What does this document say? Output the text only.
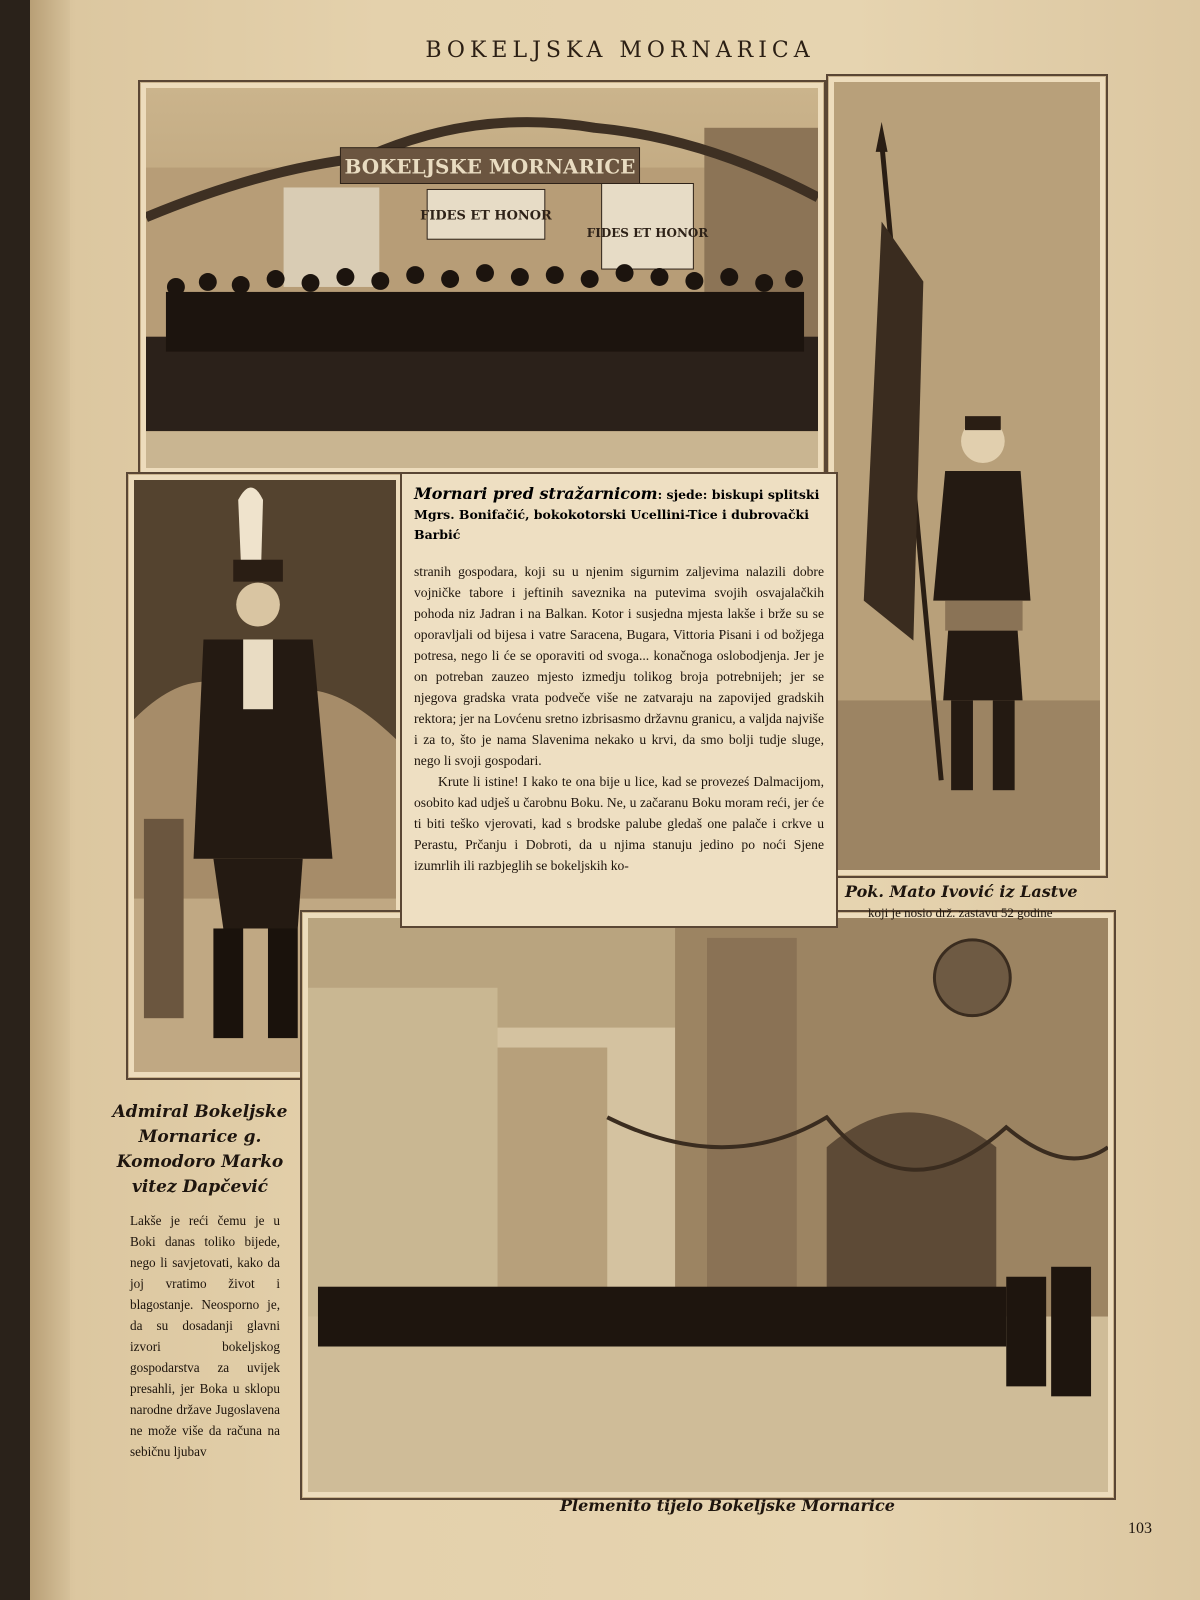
BOKELJSKA MORNARICA
BOKELJSKE MORNARICE
FIDES ET HONOR
FIDES ET HONOR
Mornari pred stražarnicom: sjede: biskupi splitski Mgrs. Bonifačić, bokokotorski Ucellini-Tice i dubrovački Barbić

stranih gospodara, koji su u njenim sigurnim zaljevima nalazili dobre vojničke tabore i jeftinih saveznika na putevima svojih osvajalačkih pohoda niz Jadran i na Balkan. Kotor i susjedna mjesta lakše i brže su se oporavljali od bijesa i vatre Saracena, Bugara, Vittoria Pisani i od božjega potresa, nego li će se oporaviti od svoga... konačnoga oslobodjenja. Jer je on potreban zauzeo mjesto izmedju tolikog broja potrebnijeh; jer se njegova gradska vrata podveče više ne zatvaraju na zapovijed gradskih rektora; jer na Lovćenu sretno izbrisasmo državnu granicu, a valjda najviše i za to, što je nama Slavenima nekako u krvi, da smo bolji tudje sluge, nego li svoji gospodari.

Krute li istine! I kako te ona bije u lice, kad se proveześ Dalmacijom, osobito kad udješ u čarobnu Boku. Ne, u začaranu Boku moram reći, jer će ti biti teško vjerovati, kad s brodske palube gledaš one palače i crkve u Perastu, Prčanju i Dobroti, da u njima stanuju jedino po noći Sjene izumrlih ili razbjeglih se bokeljskih ko-

Pok. Mato Ivović iz Lastve
koji je nosio drž. zastavu 52 godine
Admiral Bokeljske Mornarice g. Komodoro Marko vitez Dapčević
Lakše je reći čemu je u Boki danas toliko bijede, nego li savjetovati, kako da joj vratimo život i blagostanje. Neosporno je, da su dosadanji glavni izvori bokeljskog gospodarstva za uvijek presahli, jer Boka u sklopu narodne države Jugoslavena ne može više da računa na sebičnu ljubav
Plemenito tijelo Bokeljske Mornarice
103
